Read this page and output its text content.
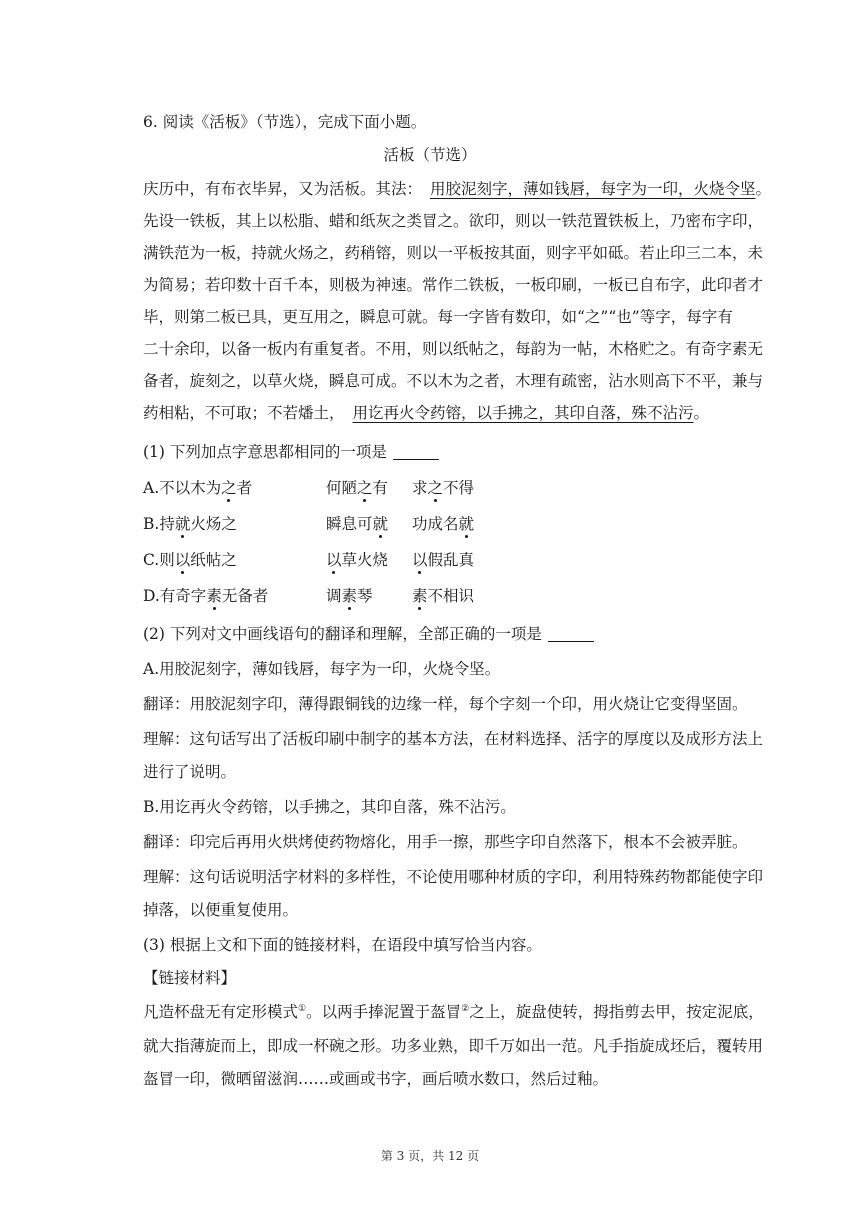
6. 阅读《活板》（节选），完成下面小题。
活板（节选）
庆历中，有布衣毕昇，又为活板。其法： 用胶泥刻字，薄如钱唇，每字为一印，火烧令坚。
先设一铁板，其上以松脂、蜡和纸灰之类冒之。欲印，则以一铁范置铁板上，乃密布字印，
满铁范为一板，持就火炀之，药稍镕，则以一平板按其面，则字平如砥。若止印三二本，未
为简易；若印数十百千本，则极为神速。常作二铁板，一板印刷，一板已自布字，此印者才
毕，则第二板已具，更互用之，瞬息可就。每一字皆有数印，如“之”“也”等字，每字有
二十余印，以备一板内有重复者。不用，则以纸帖之，每韵为一帖，木格贮之。有奇字素无
备者，旋刻之，以草火烧，瞬息可成。不以木为之者，木理有疏密，沾水则高下不平，兼与
药相粘，不可取；不若燔土， 用讫再火令药镕，以手拂之，其印自落，殊不沾污。
(1) 下列加点字意思都相同的一项是
A.不以木为之者	何陋之有 求之不得
B.持就火炀之	瞬息可就 功成名就
C.则以纸帖之	以草火烧 以假乱真
D.有奇字素无备者	调素琴	素不相识
(2) 下列对文中画线语句的翻译和理解，全部正确的一项是
A.用胶泥刻字，薄如钱唇，每字为一印，火烧令坚。
翻译：用胶泥刻字印，薄得跟铜钱的边缘一样，每个字刻一个印，用火烧让它变得坚固。
理解：这句话写出了活板印刷中制字的基本方法，在材料选择、活字的厚度以及成形方法上
进行了说明。
B.用讫再火令药镕，以手拂之，其印自落，殊不沾污。
翻译：印完后再用火烘烤使药物熔化，用手一擦，那些字印自然落下，根本不会被弄脏。
理解：这句话说明活字材料的多样性，不论使用哪种材质的字印，利用特殊药物都能使字印
掉落，以便重复使用。
(3) 根据上文和下面的链接材料，在语段中填写恰当内容。
【链接材料】
凡造杯盘无有定形模式①。以两手捧泥置于盔冒②之上，旋盘使转，拇指剪去甲，按定泥底，
就大指薄旋而上，即成一杯碗之形。功多业熟，即千万如出一范。凡手指旋成坯后，覆转用
盔冒一印，微晒留滋润……或画或书字，画后喷水数口，然后过釉。
第 3 页，共 12 页
